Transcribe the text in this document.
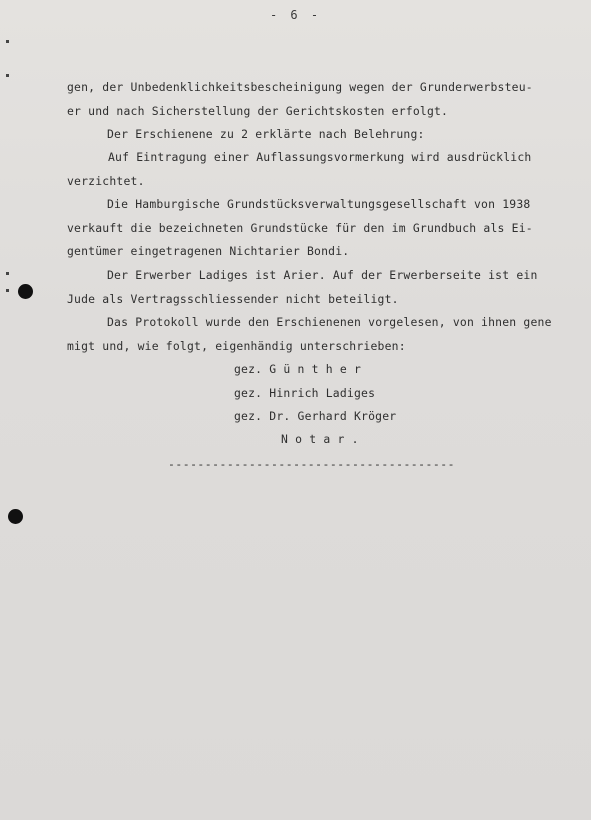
- 6 -
gen, der Unbedenklichkeitsbescheinigung wegen der Grunderwerbsteu-
er und nach Sicherstellung der Gerichtskosten erfolgt.
Der Erschienene zu 2 erklärte nach Belehrung:
Auf Eintragung einer Auflassungsvormerkung wird ausdrücklich
verzichtet.
Die Hamburgische Grundstücksverwaltungsgesellschaft von 1938
verkauft die bezeichneten Grundstücke für den im Grundbuch als Ei-
gentümer eingetragenen Nichtarier Bondi.
Der Erwerber Ladiges ist Arier. Auf der Erwerberseite ist ein
Jude als Vertragsschliessender nicht beteiligt.
Das Protokoll wurde den Erschienenen vorgelesen, von ihnen gene
migt und, wie folgt, eigenhändig unterschrieben:
gez. G ü n t h e r
gez. Hinrich Ladiges
gez. Dr. Gerhard Kröger
N o t a r .
---------------------------------------
